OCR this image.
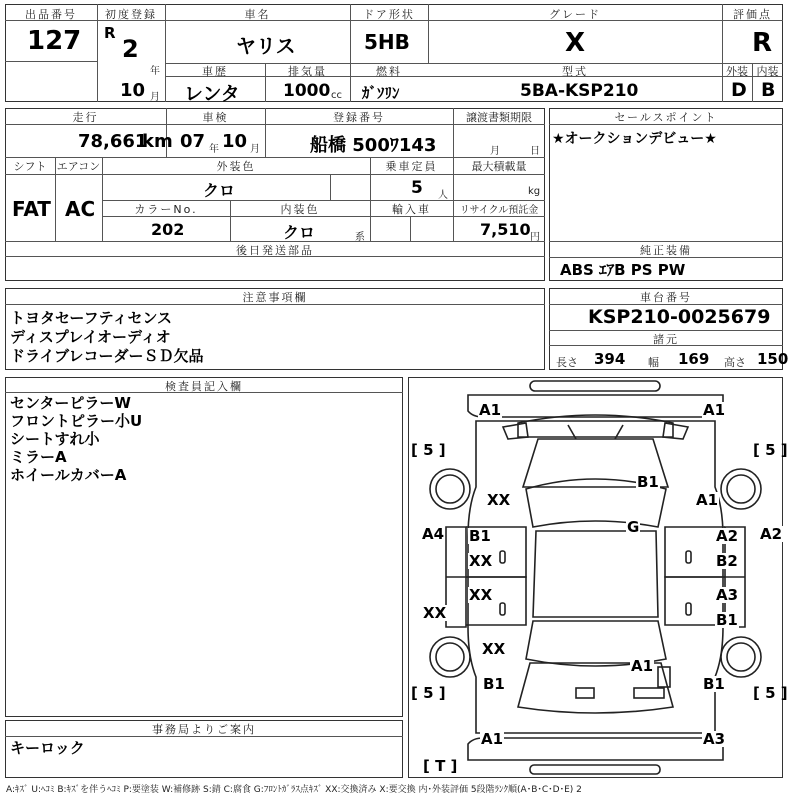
出品番号
127
初度登録
R
2
年
10 月
車名
ヤリス
ドア形状
5HB
グレード
X
評価点
R
車歴
レンタ
排気量
1000 cc
燃料
ｶﾞｿﾘﾝ
型式
5BA-KSP210
外装 内装
D B
走行
78,661
km
車検
07 年 10 月
登録番号
船橋 500ﾜ143
譲渡書類期限
月	日
シフト
FAT
エアコン
AC
外装色
クロ
乗車定員
5 人
最大積載量
kg
カラーNo.
202
内装色
クロ	系
輸入車	リサイクル預託金
7,510 円
後日発送部品
セールスポイント
★オークションデビュー★
純正装備
ABS ｴｱB PS PW
注意事項欄
トヨタセーフティセンス
ディスプレイオーディオ
ドライブレコーダーＳＤ欠品
車台番号
KSP210-0025679
諸元
長さ 394 幅 169 高さ 150
検査員記入欄
センターピラーW
フロントピラー小U
シートすれ小
ミラーA
ホイールカバーA
事務局よりご案内
キーロック
[ 5 ]	[ 5 ]
[ 5 ]	[ 5 ]
[ T ]
A1	A1
B1
XX	A1
G
A4	A2
B1
XX
A2
B2
XX	A3
XX	B1
XX
A1
B1	B1
A1	A3
A:ｷｽﾞ U:ﾍｺﾐ B:ｷｽﾞを伴うﾍｺﾐ P:要塗装 W:補修跡 S:錆 C:腐食 G:ﾌﾛﾝﾄｶﾞﾗｽ点ｷｽﾞ XX:交換済み X:要交換 内･外装評価 5段階ﾗﾝｸ順(A･B･C･D･E) 2
